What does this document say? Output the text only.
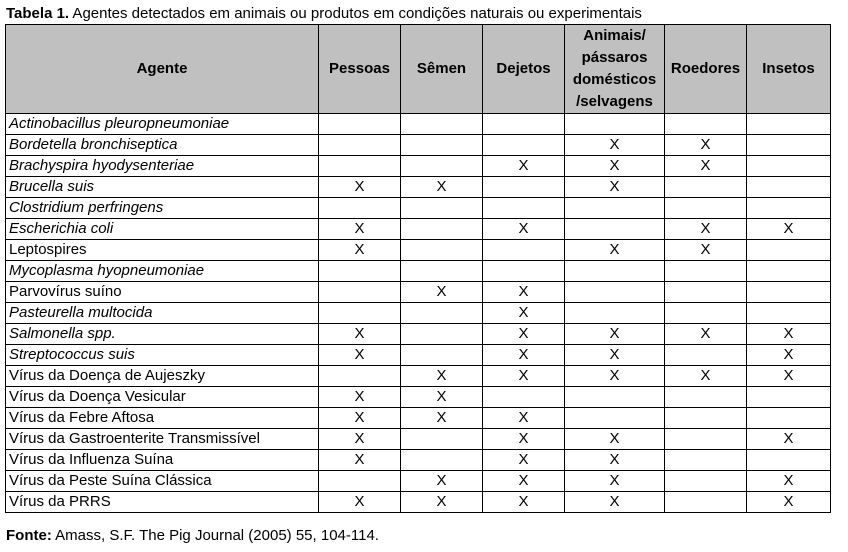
Tabela 1. Agentes detectados em animais ou produtos em condições naturais ou experimentais
Agente	Pessoas	Sêmen	Dejetos	Animais/
pássaros
domésticos
/selvagens	Roedores	Insetos
Actinobacillus pleuropneumoniae						
Bordetella bronchiseptica				X	X	
Brachyspira hyodysenteriae			X	X	X	
Brucella suis	X	X		X		
Clostridium perfringens						
Escherichia coli	X		X		X	X
Leptospires	X			X	X	
Mycoplasma hyopneumoniae						
Parvovírus suíno		X	X			
Pasteurella multocida			X			
Salmonella spp.	X		X	X	X	X
Streptococcus suis	X		X	X		X
Vírus da Doença de Aujeszky		X	X	X	X	X
Vírus da Doença Vesicular	X	X				
Vírus da Febre Aftosa	X	X	X			
Vírus da Gastroenterite Transmissível	X		X	X		X
Vírus da Influenza Suína	X		X	X		
Vírus da Peste Suína Clássica		X	X	X		X
Vírus da PRRS	X	X	X	X		X
Fonte: Amass, S.F. The Pig Journal (2005) 55, 104-114.
